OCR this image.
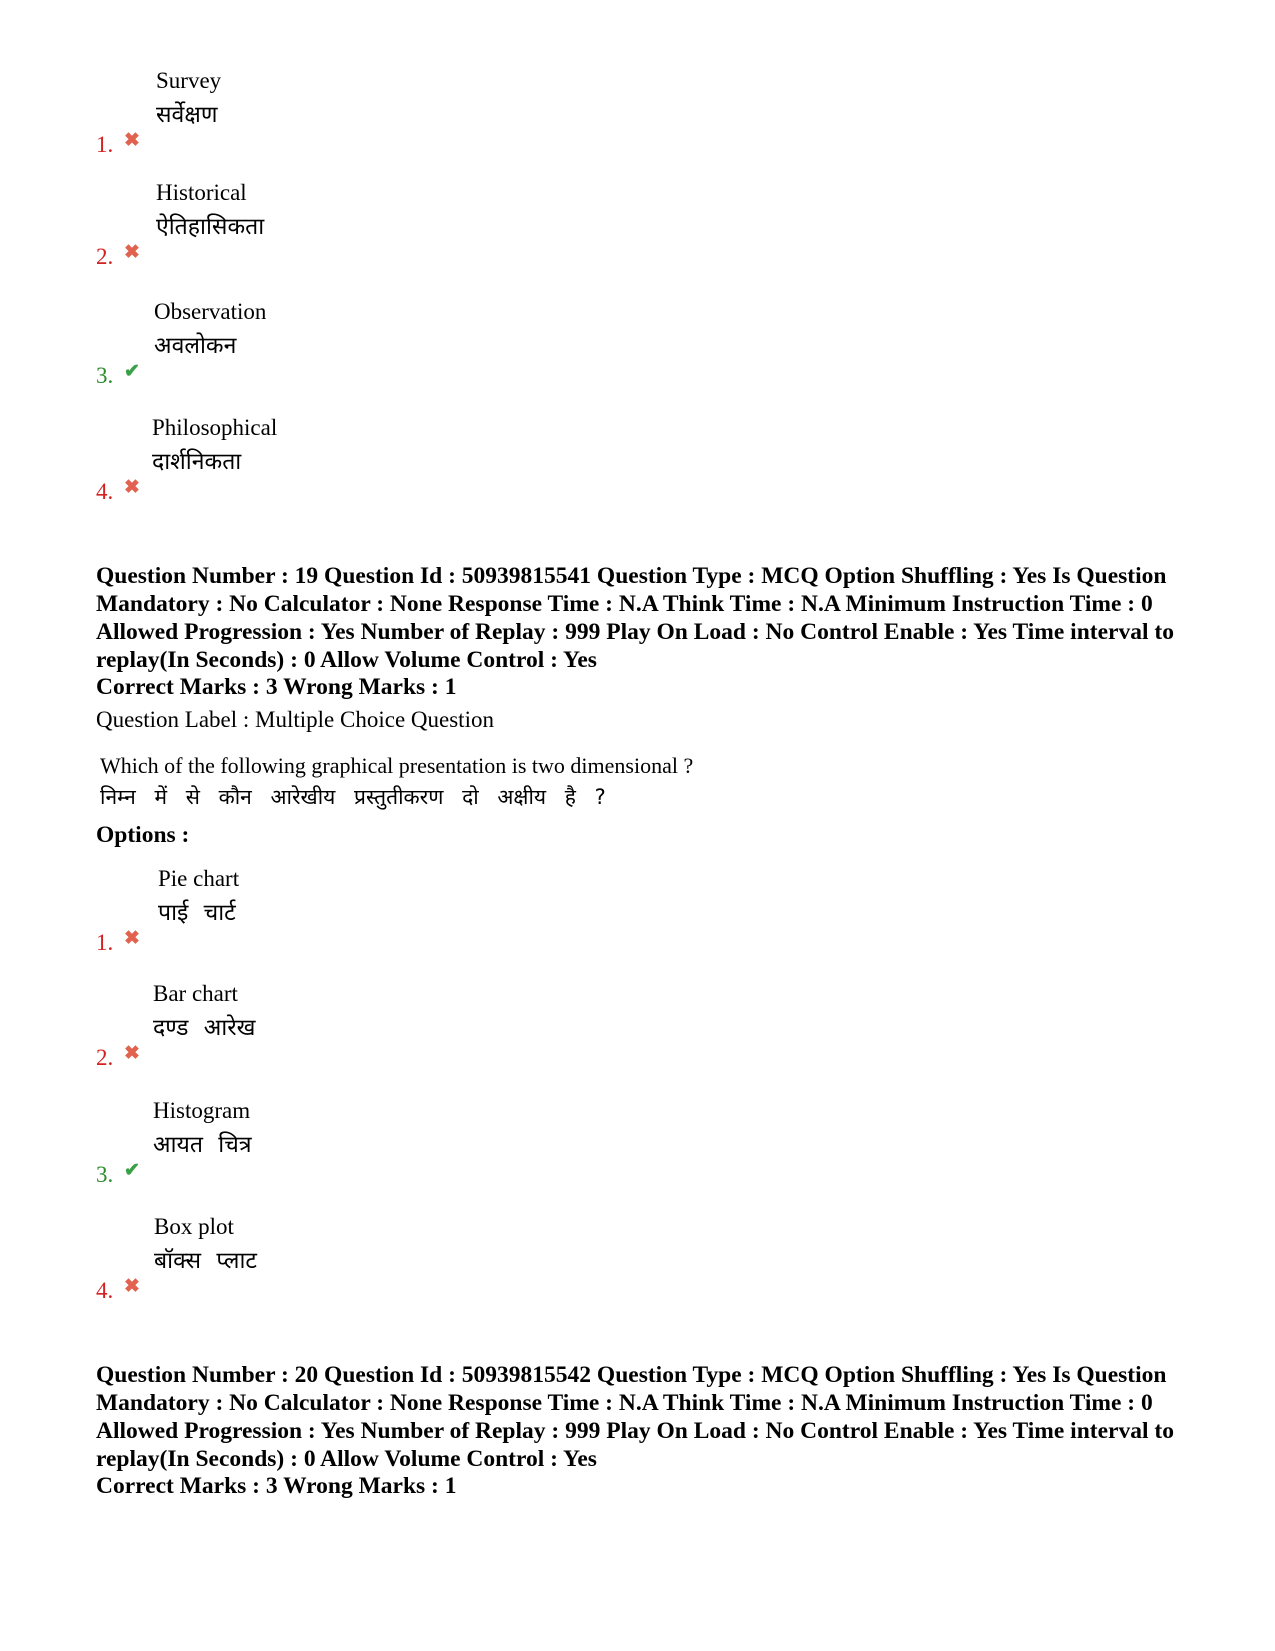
Survey
सर्वेक्षण
1. ✖
Historical
ऐतिहासिकता
2. ✖
Observation
अवलोकन
3. ✔
Philosophical
दार्शनिकता
4. ✖

Question Number : 19 Question Id : 50939815541 Question Type : MCQ Option Shuffling : Yes Is Question Mandatory : No Calculator : None Response Time : N.A Think Time : N.A Minimum Instruction Time : 0 Allowed Progression : Yes Number of Replay : 999 Play On Load : No Control Enable : Yes Time interval to replay(In Seconds) : 0 Allow Volume Control : Yes

Correct Marks : 3 Wrong Marks : 1
Question Label : Multiple Choice Question
Which of the following graphical presentation is two dimensional ?
निम्न में से कौन आरेखीय प्रस्तुतीकरण दो अक्षीय है ?
Options :
Pie chart
पाई चार्ट
1. ✖
Bar chart
दण्ड आरेख
2. ✖
Histogram
आयत चित्र
3. ✔
Box plot
बॉक्स प्लाट
4. ✖

Question Number : 20 Question Id : 50939815542 Question Type : MCQ Option Shuffling : Yes Is Question Mandatory : No Calculator : None Response Time : N.A Think Time : N.A Minimum Instruction Time : 0 Allowed Progression : Yes Number of Replay : 999 Play On Load : No Control Enable : Yes Time interval to replay(In Seconds) : 0 Allow Volume Control : Yes

Correct Marks : 3 Wrong Marks : 1
